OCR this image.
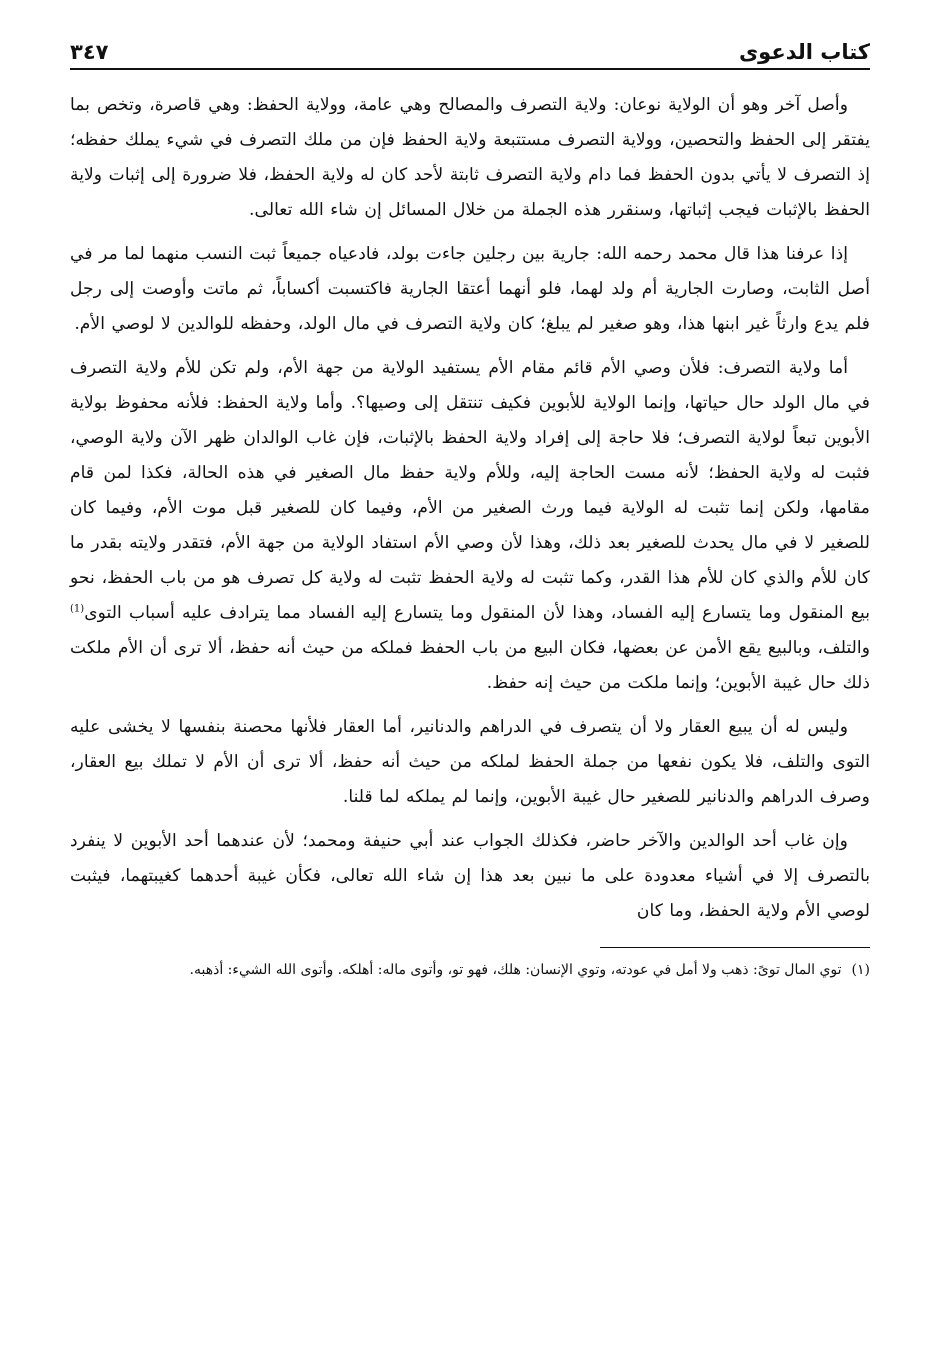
كتاب الدعوى
٣٤٧

وأصل آخر وهو أن الولاية نوعان: ولاية التصرف والمصالح وهي عامة، وولاية الحفظ: وهي قاصرة، وتخص بما يفتقر إلى الحفظ والتحصين، وولاية التصرف مستتبعة ولاية الحفظ فإن من ملك التصرف في شيء يملك حفظه؛ إذ التصرف لا يأتي بدون الحفظ فما دام ولاية التصرف ثابتة لأحد كان له ولاية الحفظ، فلا ضرورة إلى إثبات ولاية الحفظ بالإثبات فيجب إثباتها، وسنقرر هذه الجملة من خلال المسائل إن شاء الله تعالى.

إذا عرفنا هذا قال محمد رحمه الله: جارية بين رجلين جاءت بولد، فادعياه جميعاً ثبت النسب منهما لما مر في أصل الثابت، وصارت الجارية أم ولد لهما، فلو أنهما أعتقا الجارية فاكتسبت أكساباً، ثم ماتت وأوصت إلى رجل فلم يدع وارثاً غير ابنها هذا، وهو صغير لم يبلغ؛ كان ولاية التصرف في مال الولد، وحفظه للوالدين لا لوصي الأم.

أما ولاية التصرف: فلأن وصي الأم قائم مقام الأم يستفيد الولاية من جهة الأم، ولم تكن للأم ولاية التصرف في مال الولد حال حياتها، وإنما الولاية للأبوين فكيف تنتقل إلى وصيها؟. وأما ولاية الحفظ: فلأنه محفوظ بولاية الأبوين تبعاً لولاية التصرف؛ فلا حاجة إلى إفراد ولاية الحفظ بالإثبات، فإن غاب الوالدان ظهر الآن ولاية الوصي، فثبت له ولاية الحفظ؛ لأنه مست الحاجة إليه، وللأم ولاية حفظ مال الصغير في هذه الحالة، فكذا لمن قام مقامها، ولكن إنما تثبت له الولاية فيما ورث الصغير من الأم، وفيما كان للصغير قبل موت الأم، وفيما كان للصغير لا في مال يحدث للصغير بعد ذلك، وهذا لأن وصي الأم استفاد الولاية من جهة الأم، فتقدر ولايته بقدر ما كان للأم والذي كان للأم هذا القدر، وكما تثبت له ولاية الحفظ تثبت له ولاية كل تصرف هو من باب الحفظ، نحو بيع المنقول وما يتسارع إليه الفساد، وهذا لأن المنقول وما يتسارع إليه الفساد مما يترادف عليه أسباب التوى$^{(1)}$ والتلف، وبالبيع يقع الأمن عن بعضها، فكان البيع من باب الحفظ فملكه من حيث أنه حفظ، ألا ترى أن الأم ملكت ذلك حال غيبة الأبوين؛ وإنما ملكت من حيث إنه حفظ.

وليس له أن يبيع العقار ولا أن يتصرف في الدراهم والدنانير، أما العقار فلأنها محصنة بنفسها لا يخشى عليه التوى والتلف، فلا يكون نفعها من جملة الحفظ لملكه من حيث أنه حفظ، ألا ترى أن الأم لا تملك بيع العقار، وصرف الدراهم والدنانير للصغير حال غيبة الأبوين، وإنما لم يملكه لما قلنا.

وإن غاب أحد الوالدين والآخر حاضر، فكذلك الجواب عند أبي حنيفة ومحمد؛ لأن عندهما أحد الأبوين لا ينفرد بالتصرف إلا في أشياء معدودة على ما نبين بعد هذا إن شاء الله تعالى، فكأن غيبة أحدهما كغيبتهما، فيثبت لوصي الأم ولاية الحفظ، وما كان

(١)توي المال توىً: ذهب ولا أمل في عودته، وتوي الإنسان: هلك، فهو تو، وأتوى ماله: أهلكه. وأتوى الله الشيء: أذهبه.
